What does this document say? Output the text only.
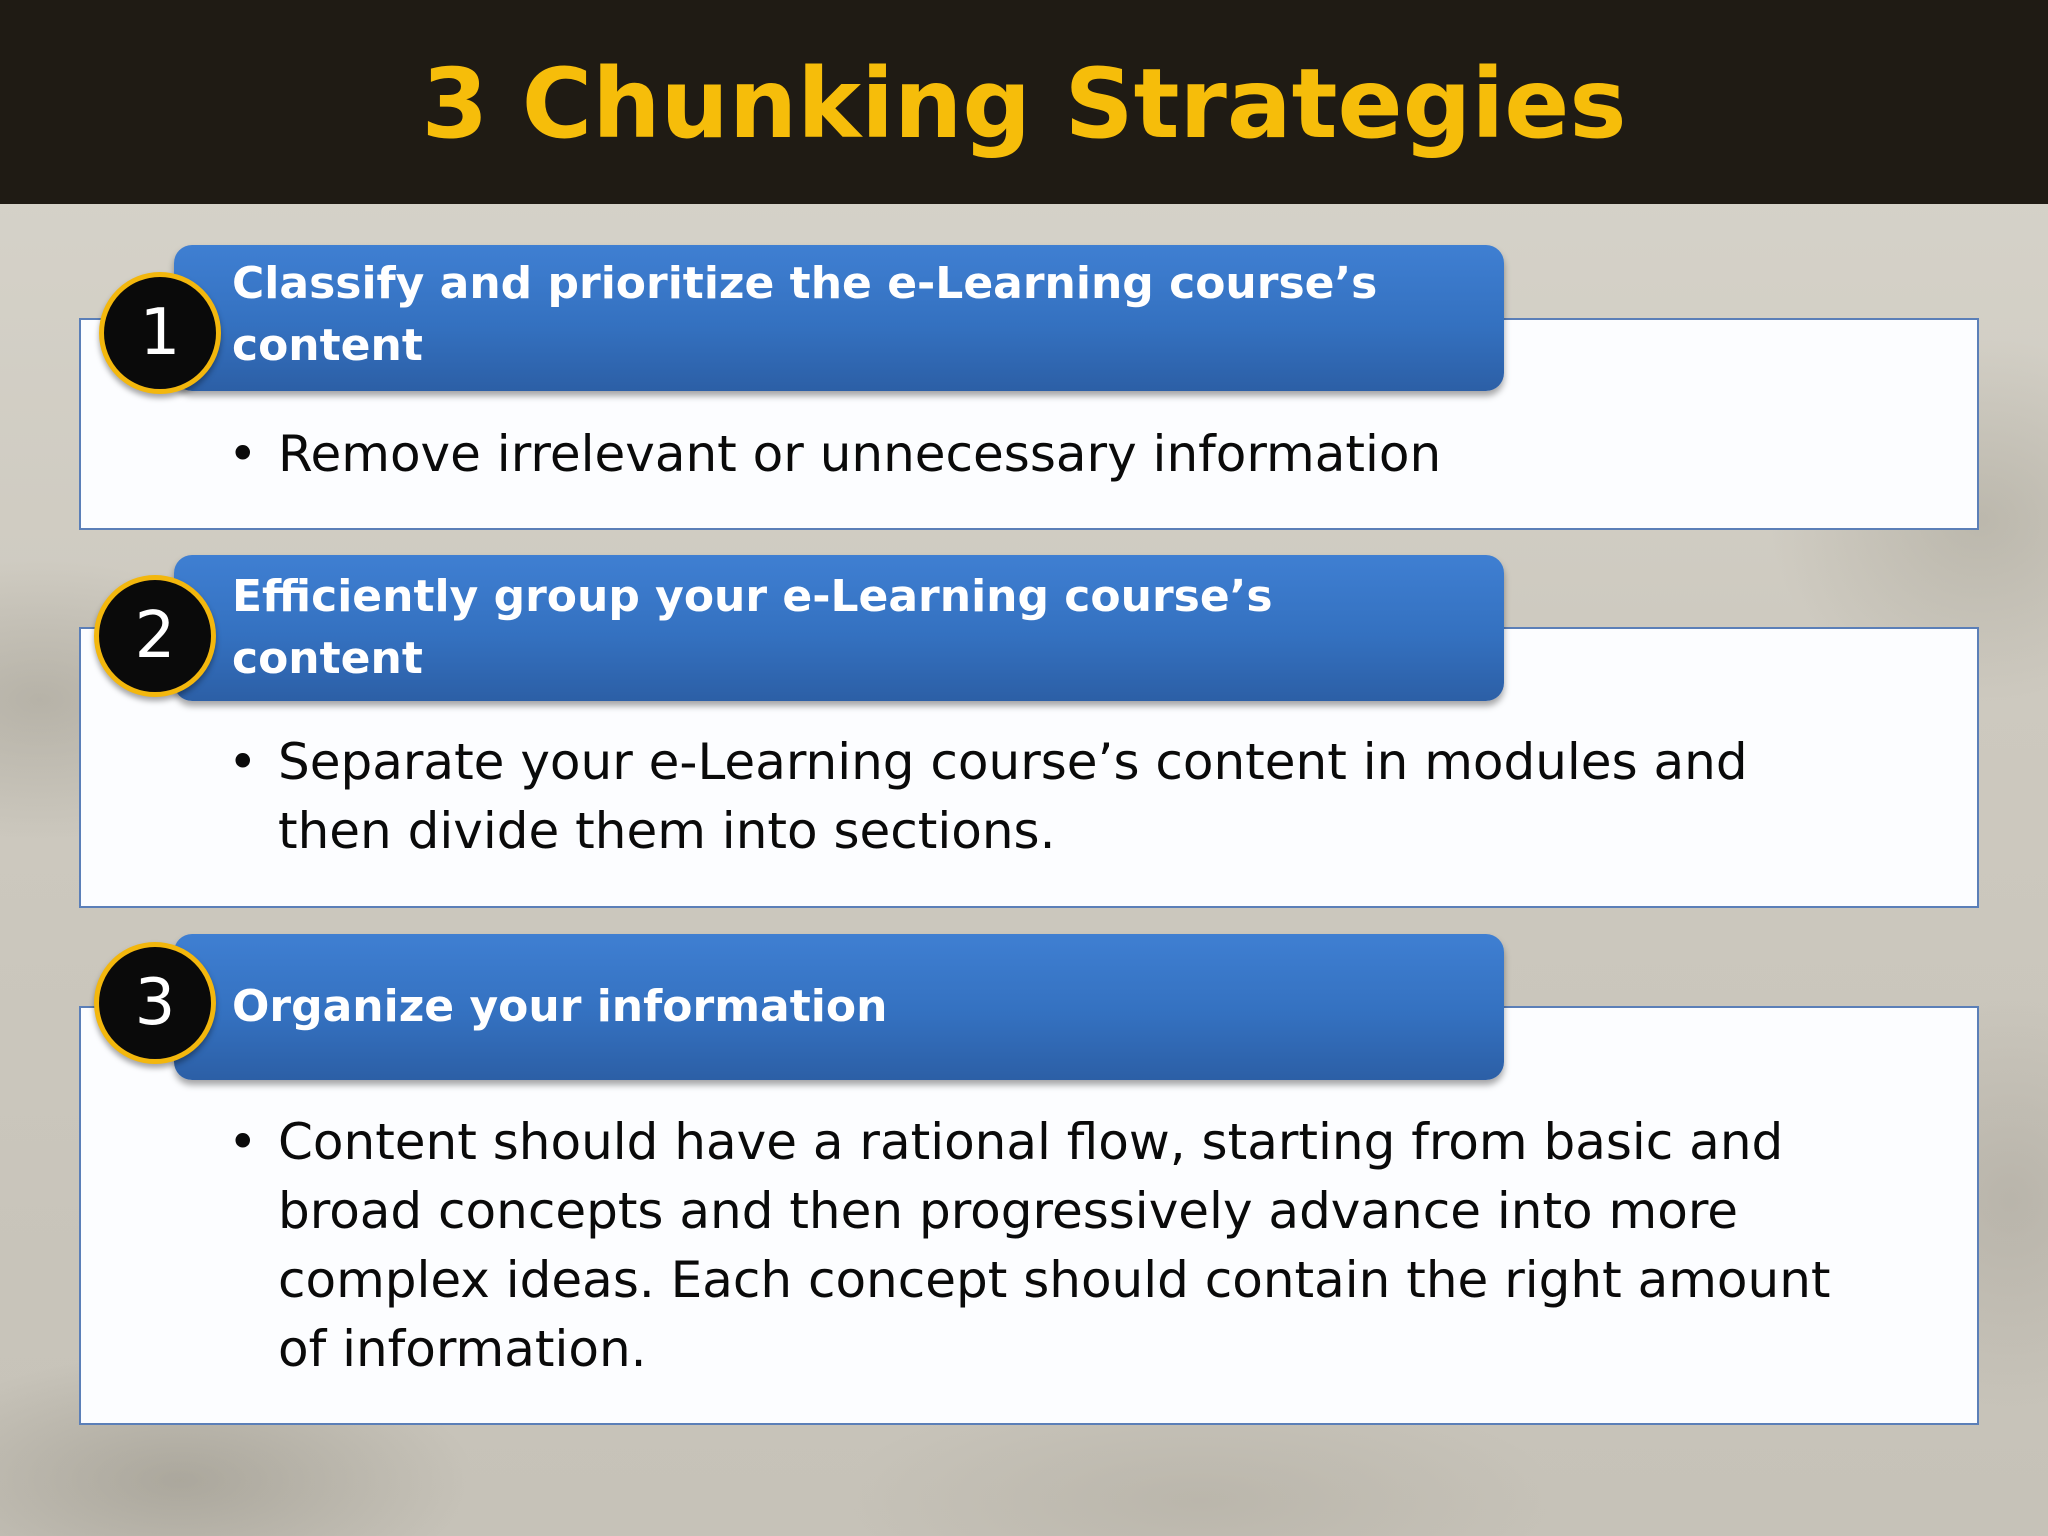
3 Chunking Strategies
Classify and prioritize the e-Learning course’s content
1
• Remove irrelevant or unnecessary information
Efficiently group your e-Learning course’s content
2
• Separate your e-Learning course’s content in modules and then divide them into sections.
Organize your information
3
• Content should have a rational flow, starting from basic and broad concepts and then progressively advance into more complex ideas. Each concept should contain the right amount of information.
